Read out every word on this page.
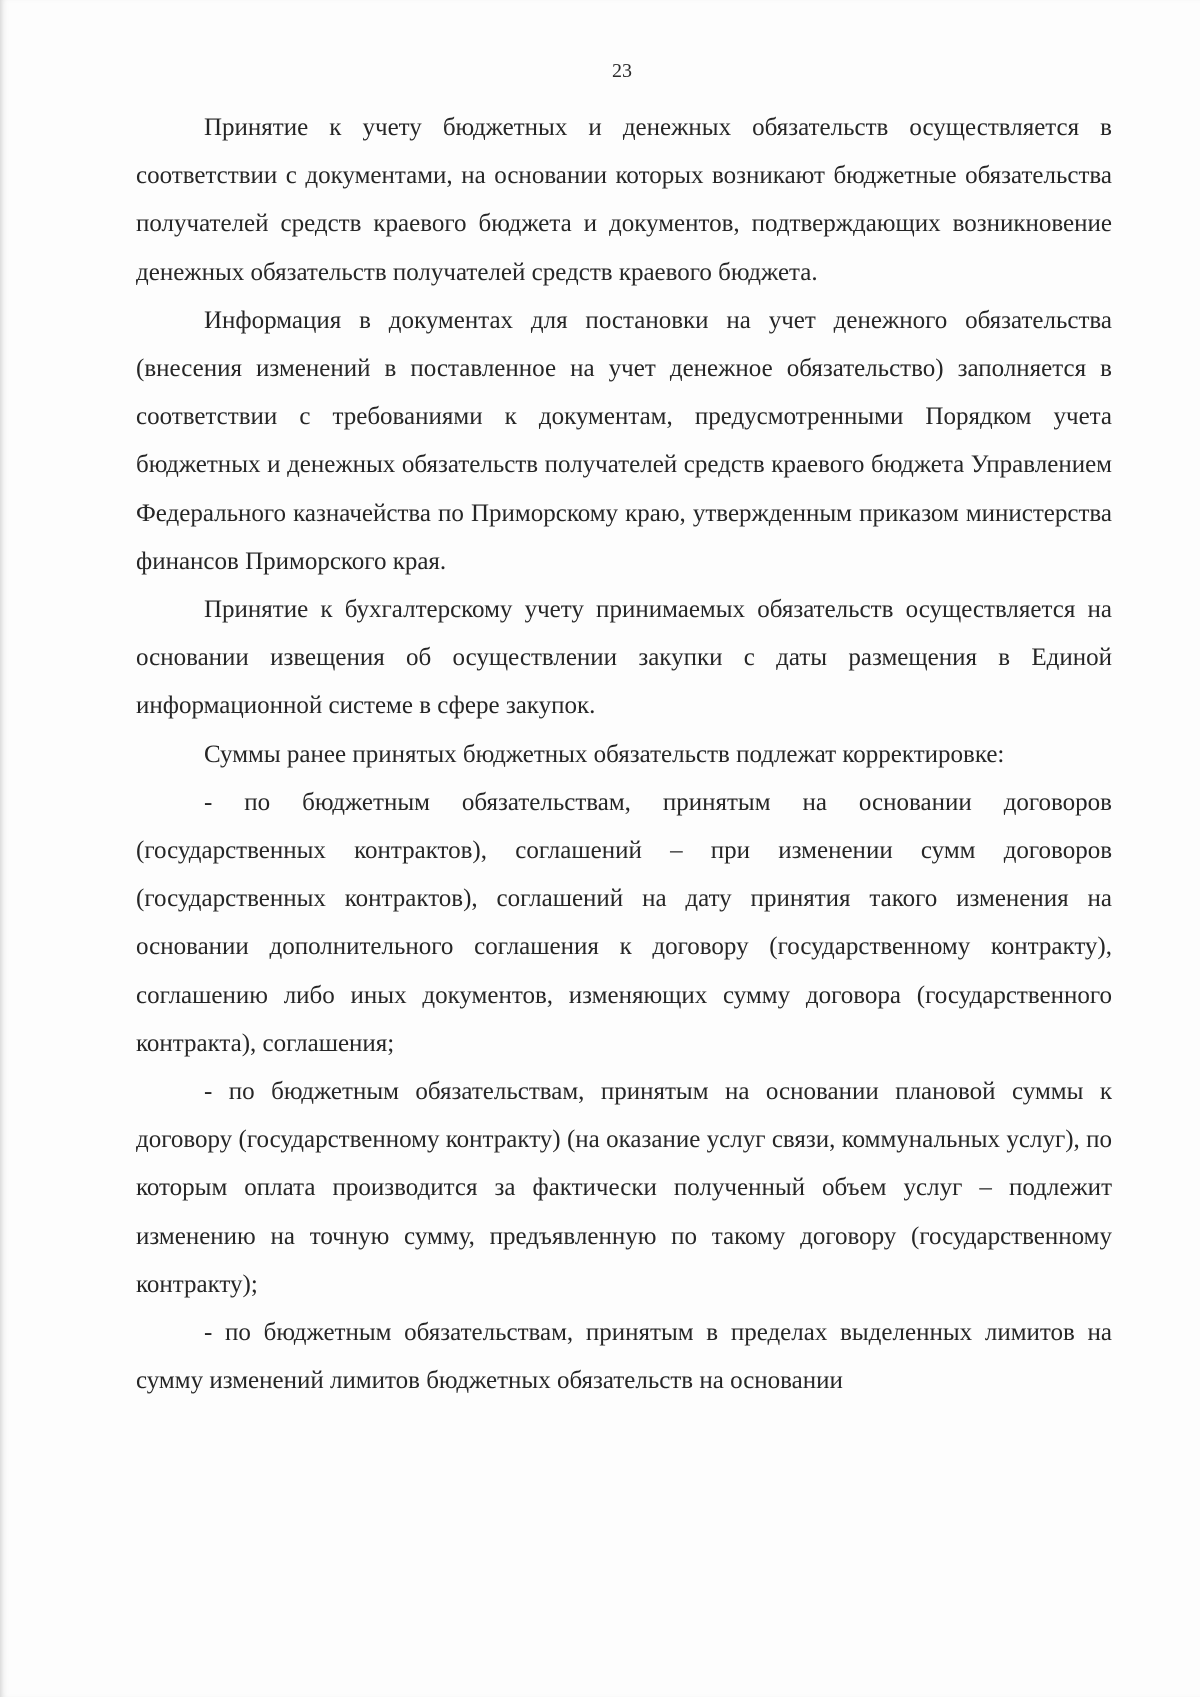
23

Принятие к учету бюджетных и денежных обязательств осуществляется в соответствии с документами, на основании которых возникают бюджетные обязательства получателей средств краевого бюджета и документов, подтверждающих возникновение денежных обязательств получателей средств краевого бюджета.

Информация в документах для постановки на учет денежного обязательства (внесения изменений в поставленное на учет денежное обязательство) заполняется в соответствии с требованиями к документам, предусмотренными Порядком учета бюджетных и денежных обязательств получателей средств краевого бюджета Управлением Федерального казначейства по Приморскому краю, утвержденным приказом министерства финансов Приморского края.

Принятие к бухгалтерскому учету принимаемых обязательств осуществляется на основании извещения об осуществлении закупки с даты размещения в Единой информационной системе в сфере закупок.

Суммы ранее принятых бюджетных обязательств подлежат корректировке:

- по бюджетным обязательствам, принятым на основании договоров (государственных контрактов), соглашений – при изменении сумм договоров (государственных контрактов), соглашений на дату принятия такого изменения на основании дополнительного соглашения к договору (государственному контракту), соглашению либо иных документов, изменяющих сумму договора (государственного контракта), соглашения;

- по бюджетным обязательствам, принятым на основании плановой суммы к договору (государственному контракту) (на оказание услуг связи, коммунальных услуг), по которым оплата производится за фактически полученный объем услуг – подлежит изменению на точную сумму, предъявленную по такому договору (государственному контракту);

- по бюджетным обязательствам, принятым в пределах выделенных лимитов на сумму изменений лимитов бюджетных обязательств на основании
